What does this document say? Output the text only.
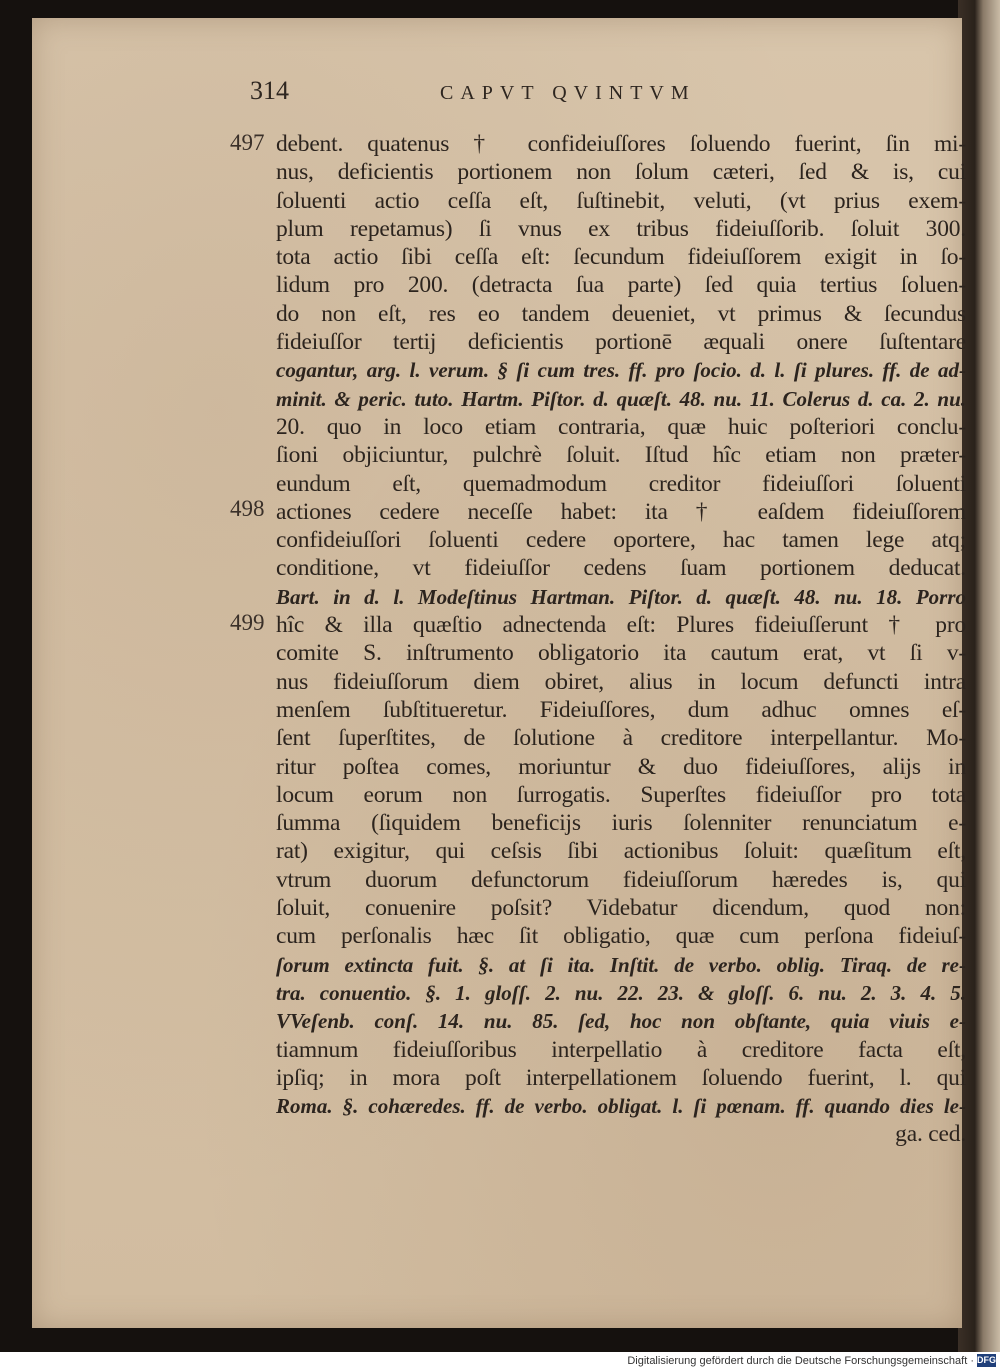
314	CAPVT QVINTVM
497
498
499
debent. quatenus † confideiuſſores ſoluendo fuerint, ſin mi-
nus, deficientis portionem non ſolum cæteri, ſed & is, cui
ſoluenti actio ceſſa eſt, ſuſtinebit, veluti, (vt prius exem-
plum repetamus) ſi vnus ex tribus fideiuſſorib. ſoluit 300.
tota actio ſibi ceſſa eſt: ſecundum fideiuſſorem exigit in ſo-
lidum pro 200. (detracta ſua parte) ſed quia tertius ſoluen-
do non eſt, res eo tandem deueniet, vt primus & ſecundus
fideiuſſor tertij deficientis portionē æquali onere ſuſtentare
cogantur, arg. l. verum. § ſi cum tres. ff. pro ſocio. d. l. ſi plures. ff. de ad-
minit. & peric. tuto. Hartm. Piſtor. d. quæſt. 48. nu. 11. Colerus d. ca. 2. nu.
20. quo in loco etiam contraria, quæ huic poſteriori conclu-
ſioni objiciuntur, pulchrè ſoluit. Iſtud hîc etiam non præter-
eundum eſt, quemadmodum creditor fideiuſſori ſoluenti
actiones cedere neceſſe habet: ita † eaſdem fideiuſſorem
confideiuſſori ſoluenti cedere oportere, hac tamen lege atq;
conditione, vt fideiuſſor cedens ſuam portionem deducat.
Bart. in d. l. Modeſtinus Hartman. Piſtor. d. quæſt. 48. nu. 18. Porro
hîc & illa quæſtio adnectenda eſt: Plures fideiuſſerunt † pro
comite S. inſtrumento obligatorio ita cautum erat, vt ſi v-
nus fideiuſſorum diem obiret, alius in locum defuncti intra
menſem ſubſtitueretur. Fideiuſſores, dum adhuc omnes eſ-
ſent ſuperſtites, de ſolutione à creditore interpellantur. Mo-
ritur poſtea comes, moriuntur & duo fideiuſſores, alijs in
locum eorum non ſurrogatis. Superſtes fideiuſſor pro tota
ſumma (ſiquidem beneficijs iuris ſolenniter renunciatum e-
rat) exigitur, qui ceſsis ſibi actionibus ſoluit: quæſitum eſt,
vtrum duorum defunctorum fideiuſſorum hæredes is, qui
ſoluit, conuenire poſsit? Videbatur dicendum, quod non:
cum perſonalis hæc ſit obligatio, quæ cum perſona fideiuſ-
ſorum extincta fuit. §. at ſi ita. Inſtit. de verbo. oblig. Tiraq. de re-
tra. conuentio. §. 1. gloſſ. 2. nu. 22. 23. & gloſſ. 6. nu. 2. 3. 4. 5.
VVeſenb. conſ. 14. nu. 85. ſed, hoc non obſtante, quia viuis e-
tiamnum fideiuſſoribus interpellatio à creditore facta eſt,
ipſiq; in mora poſt interpellationem ſoluendo fuerint, l. qui
Roma. §. cohæredes. ff. de verbo. obligat. l. ſi pœnam. ff. quando dies le-
ga. ced.
Digitalisierung gefördert durch die Deutsche Forschungsgemeinschaft · DFG
